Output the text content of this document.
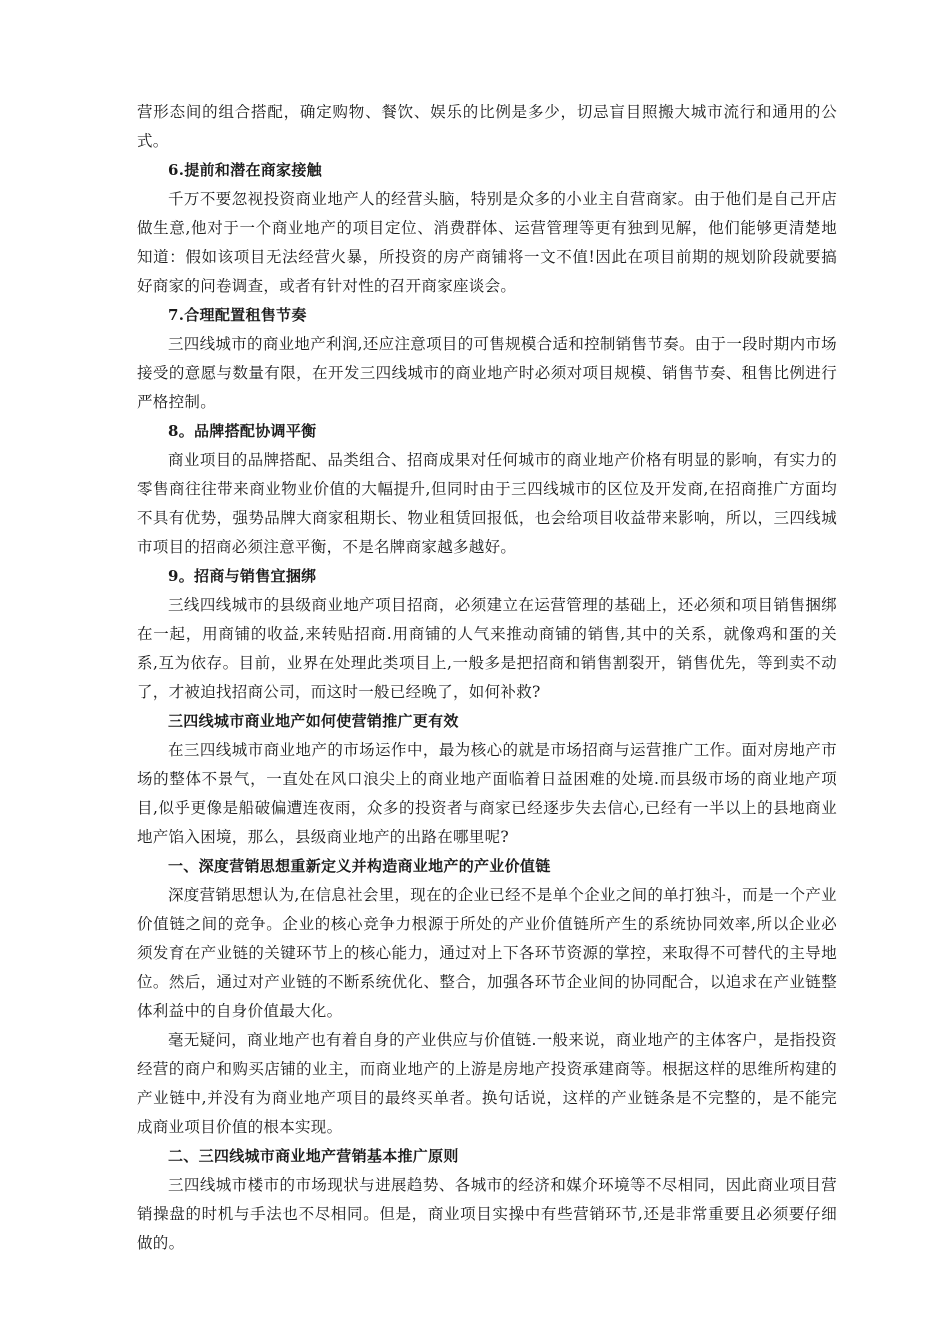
营形态间的组合搭配，确定购物、餐饮、娱乐的比例是多少，切忌盲目照搬大城市流行和通用的公式。

6.提前和潜在商家接触

千万不要忽视投资商业地产人的经营头脑，特别是众多的小业主自营商家。由于他们是自己开店做生意,他对于一个商业地产的项目定位、消费群体、运营管理等更有独到见解，他们能够更清楚地知道：假如该项目无法经营火暴，所投资的房产商铺将一文不值!因此在项目前期的规划阶段就要搞好商家的问卷调查，或者有针对性的召开商家座谈会。

7.合理配置租售节奏

三四线城市的商业地产利润,还应注意项目的可售规模合适和控制销售节奏。由于一段时期内市场接受的意愿与数量有限，在开发三四线城市的商业地产时必须对项目规模、销售节奏、租售比例进行严格控制。

8。品牌搭配协调平衡

商业项目的品牌搭配、品类组合、招商成果对任何城市的商业地产价格有明显的影响，有实力的零售商往往带来商业物业价值的大幅提升,但同时由于三四线城市的区位及开发商,在招商推广方面均不具有优势，强势品牌大商家租期长、物业租赁回报低，也会给项目收益带来影响，所以，三四线城市项目的招商必须注意平衡，不是名牌商家越多越好。

9。招商与销售宜捆绑

三线四线城市的县级商业地产项目招商，必须建立在运营管理的基础上，还必须和项目销售捆绑在一起，用商铺的收益,来转贴招商.用商铺的人气来推动商铺的销售,其中的关系，就像鸡和蛋的关系,互为依存。目前，业界在处理此类项目上,一般多是把招商和销售割裂开，销售优先，等到卖不动了，才被迫找招商公司，而这时一般已经晚了，如何补救?

三四线城市商业地产如何使营销推广更有效

在三四线城市商业地产的市场运作中，最为核心的就是市场招商与运营推广工作。面对房地产市场的整体不景气，一直处在风口浪尖上的商业地产面临着日益困难的处境.而县级市场的商业地产项目,似乎更像是船破偏遭连夜雨，众多的投资者与商家已经逐步失去信心,已经有一半以上的县地商业地产馅入困境，那么，县级商业地产的出路在哪里呢?

一、深度营销思想重新定义并构造商业地产的产业价值链

深度营销思想认为,在信息社会里，现在的企业已经不是单个企业之间的单打独斗，而是一个产业价值链之间的竞争。企业的核心竞争力根源于所处的产业价值链所产生的系统协同效率,所以企业必须发育在产业链的关键环节上的核心能力，通过对上下各环节资源的掌控，来取得不可替代的主导地位。然后，通过对产业链的不断系统优化、整合，加强各环节企业间的协同配合，以追求在产业链整体利益中的自身价值最大化。

毫无疑问，商业地产也有着自身的产业供应与价值链.一般来说，商业地产的主体客户，是指投资经营的商户和购买店铺的业主，而商业地产的上游是房地产投资承建商等。根据这样的思维所构建的产业链中,并没有为商业地产项目的最终买单者。换句话说，这样的产业链条是不完整的，是不能完成商业项目价值的根本实现。

二、三四线城市商业地产营销基本推广原则

三四线城市楼市的市场现状与进展趋势、各城市的经济和媒介环境等不尽相同，因此商业项目营销操盘的时机与手法也不尽相同。但是，商业项目实操中有些营销环节,还是非常重要且必须要仔细做的。
